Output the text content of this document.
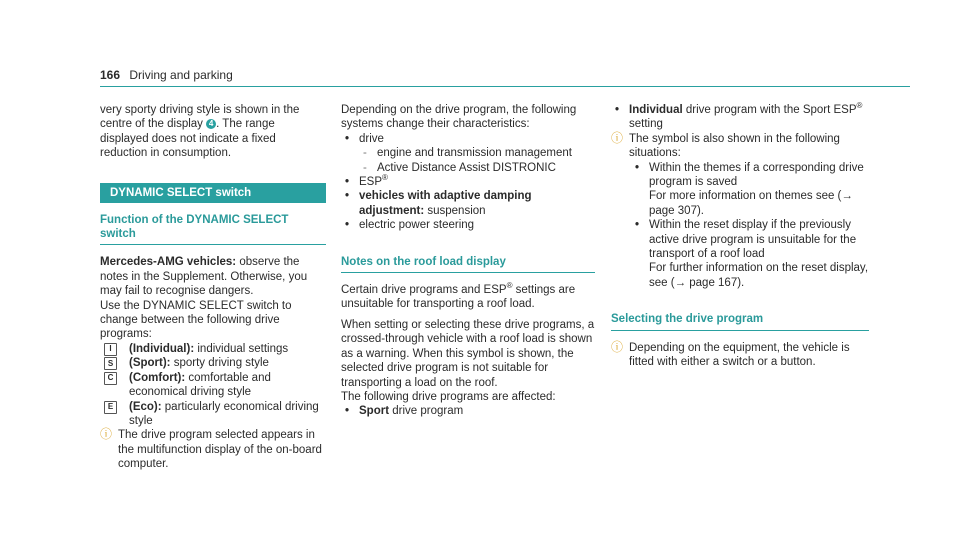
166 Driving and parking

very sporty driving style is shown in the centre of the display 4 . The range displayed does not indicate a fixed reduction in consumption.

DYNAMIC SELECT switch
Function of the DYNAMIC SELECT switch

Mercedes-AMG vehicles: observe the notes in the Supplement. Otherwise, you may fail to recognise dangers.

Use the DYNAMIC SELECT switch to change between the following drive programs:

I	(Individual): individual settings
S	(Sport): sporty driving style
C	(Comfort): comfortable and economical driving style
E	(Eco): particularly economical driving style
ⓘ The drive program selected appears in the multifunction display of the on-board computer.

Depending on the drive program, the following systems change their characteristics:

• drive
- engine and transmission management
- Active Distance Assist DISTRONIC
• ESP®
• vehicles with adaptive damping adjustment: suspension
• electric power steering
Notes on the roof load display

Certain drive programs and ESP® settings are unsuitable for transporting a roof load.

When setting or selecting these drive programs, a crossed-through vehicle with a roof load is shown as a warning. When this symbol is shown, the selected drive program is not suitable for transporting a load on the roof.

The following drive programs are affected:

• Sport drive program
• Individual drive program with the Sport ESP® setting
ⓘ The symbol is also shown in the following situations:
• Within the themes if a corresponding drive program is saved
For more information on themes see (→ page 307).
• Within the reset display if the previously active drive program is unsuitable for the transport of a roof load
For further information on the reset display, see (→ page 167).
Selecting the drive program
ⓘ Depending on the equipment, the vehicle is fitted with either a switch or a button.
